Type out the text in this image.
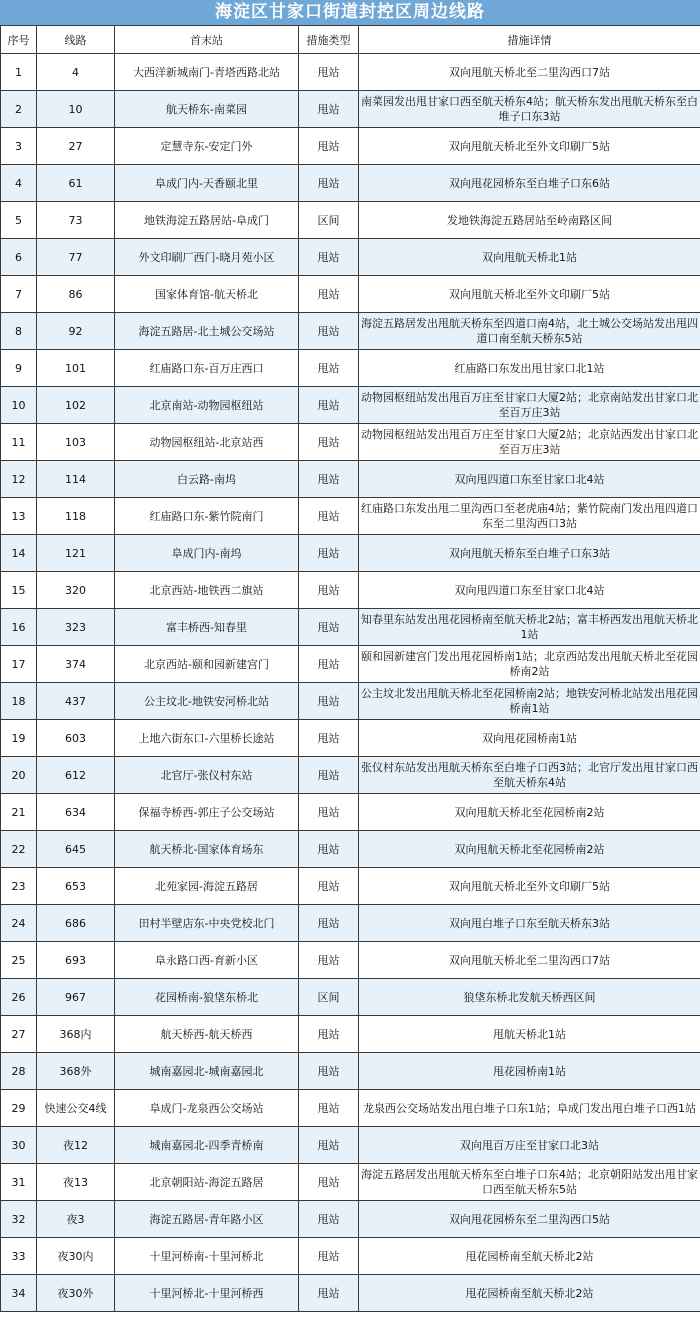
海淀区甘家口街道封控区周边线路
序号	线路	首末站	措施类型	措施详情
1	4	大西洋新城南门-青塔西路北站	甩站	双向甩航天桥北至二里沟西口7站
2	10	航天桥东-南菜园	甩站	南菜园发出甩甘家口西至航天桥东4站；航天桥东发出甩航天桥东至白堆子口东3站
3	27	定慧寺东-安定门外	甩站	双向甩航天桥北至外文印刷厂5站
4	61	阜成门内-天香颐北里	甩站	双向甩花园桥东至白堆子口东6站
5	73	地铁海淀五路居站-阜成门	区间	发地铁海淀五路居站至岭南路区间
6	77	外文印刷厂西门-晓月苑小区	甩站	双向甩航天桥北1站
7	86	国家体育馆-航天桥北	甩站	双向甩航天桥北至外文印刷厂5站
8	92	海淀五路居-北土城公交场站	甩站	海淀五路居发出甩航天桥东至四道口南4站，北土城公交场站发出甩四道口南至航天桥东5站
9	101	红庙路口东-百万庄西口	甩站	红庙路口东发出甩甘家口北1站
10	102	北京南站-动物园枢纽站	甩站	动物园枢纽站发出甩百万庄至甘家口大厦2站；北京南站发出甘家口北至百万庄3站
11	103	动物园枢纽站-北京站西	甩站	动物园枢纽站发出甩百万庄至甘家口大厦2站；北京站西发出甘家口北至百万庄3站
12	114	白云路-南坞	甩站	双向甩四道口东至甘家口北4站
13	118	红庙路口东-紫竹院南门	甩站	红庙路口东发出甩二里沟西口至老虎庙4站；紫竹院南门发出甩四道口东至二里沟西口3站
14	121	阜成门内-南坞	甩站	双向甩航天桥东至白堆子口东3站
15	320	北京西站-地铁西二旗站	甩站	双向甩四道口东至甘家口北4站
16	323	富丰桥西-知春里	甩站	知春里东站发出甩花园桥南至航天桥北2站；富丰桥西发出甩航天桥北1站
17	374	北京西站-颐和园新建宫门	甩站	颐和园新建宫门发出甩花园桥南1站；北京西站发出甩航天桥北至花园桥南2站
18	437	公主坟北-地铁安河桥北站	甩站	公主坟北发出甩航天桥北至花园桥南2站；地铁安河桥北站发出甩花园桥南1站
19	603	上地六街东口-六里桥长途站	甩站	双向甩花园桥南1站
20	612	北官厅-张仪村东站	甩站	张仪村东站发出甩航天桥东至白堆子口西3站；北官厅发出甩甘家口西至航天桥东4站
21	634	保福寺桥西-郭庄子公交场站	甩站	双向甩航天桥北至花园桥南2站
22	645	航天桥北-国家体育场东	甩站	双向甩航天桥北至花园桥南2站
23	653	北苑家园-海淀五路居	甩站	双向甩航天桥北至外文印刷厂5站
24	686	田村半壁店东-中央党校北门	甩站	双向甩白堆子口东至航天桥东3站
25	693	阜永路口西-育新小区	甩站	双向甩航天桥北至二里沟西口7站
26	967	花园桥南-狼垡东桥北	区间	狼垡东桥北发航天桥西区间
27	368内	航天桥西-航天桥西	甩站	甩航天桥北1站
28	368外	城南嘉园北-城南嘉园北	甩站	甩花园桥南1站
29	快速公交4线	阜成门-龙泉西公交场站	甩站	龙泉西公交场站发出甩白堆子口东1站；阜成门发出甩白堆子口西1站
30	夜12	城南嘉园北-四季青桥南	甩站	双向甩百万庄至甘家口北3站
31	夜13	北京朝阳站-海淀五路居	甩站	海淀五路居发出甩航天桥东至白堆子口东4站；北京朝阳站发出甩甘家口西至航天桥东5站
32	夜3	海淀五路居-青年路小区	甩站	双向甩花园桥东至二里沟西口5站
33	夜30内	十里河桥南-十里河桥北	甩站	甩花园桥南至航天桥北2站
34	夜30外	十里河桥北-十里河桥西	甩站	甩花园桥南至航天桥北2站
